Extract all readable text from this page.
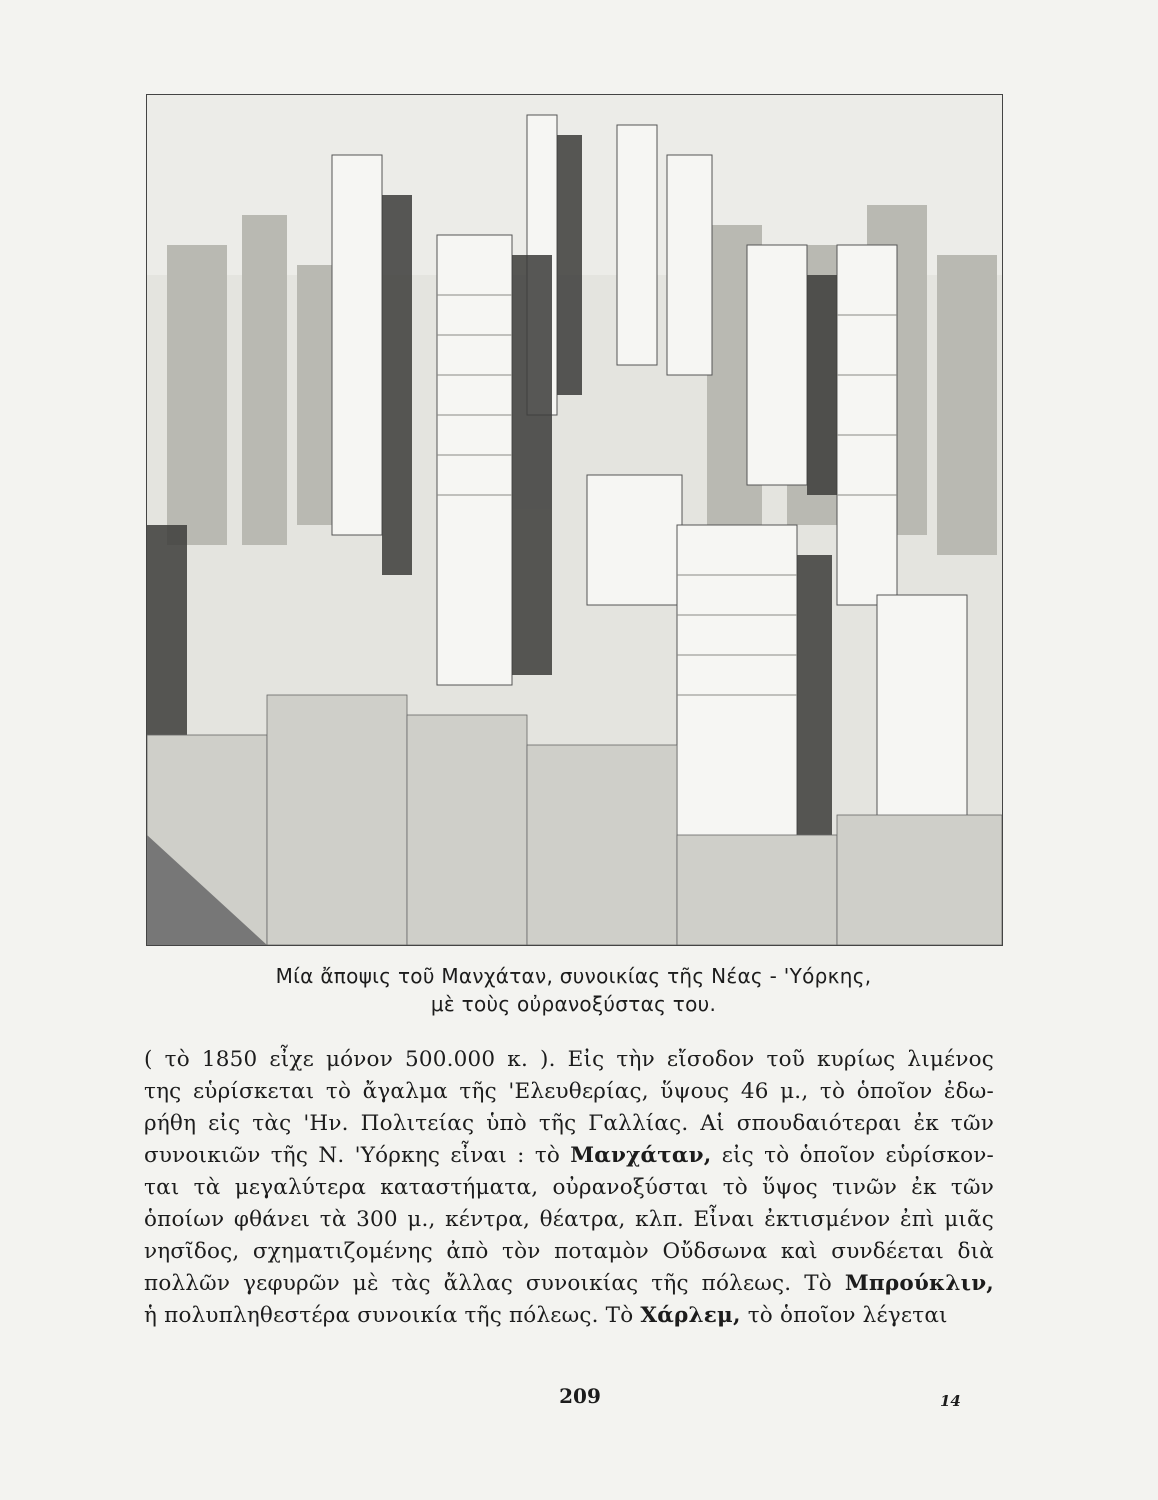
Μία ἄποψις τοῦ Μανχάταν, συνοικίας τῆς Νέας - 'Υόρκης,
μὲ τοὺς οὐρανοξύστας του.
( τὸ 1850 εἶχε μόνον 500.000 κ. ). Εἰς τὴν εἴσοδον τοῦ κυρίως λιμένος
της εὑρίσκεται τὸ ἄγαλμα τῆς 'Ελευθερίας, ὕψους 46 μ., τὸ ὁποῖον ἐδω-
ρήθη εἰς τὰς 'Ην. Πολιτείας ὑπὸ τῆς Γαλλίας. Αἱ σπουδαιότεραι ἐκ τῶν
συνοικιῶν τῆς Ν. 'Υόρκης εἶναι : τὸ Μανχάταν, εἰς τὸ ὁποῖον εὑρίσκον-
ται τὰ μεγαλύτερα καταστήματα, οὐρανοξύσται τὸ ὕψος τινῶν ἐκ τῶν
ὁποίων φθάνει τὰ 300 μ., κέντρα, θέατρα, κλπ. Εἶναι ἐκτισμένον ἐπὶ μιᾶς
νησῖδος, σχηματιζομένης ἀπὸ τὸν ποταμὸν Οὔδσωνα καὶ συνδέεται διὰ
πολλῶν γεφυρῶν μὲ τὰς ἄλλας συνοικίας τῆς πόλεως. Τὸ Μπρούκλιν,
ἡ πολυπληθεστέρα συνοικία τῆς πόλεως. Τὸ Χάρλεμ, τὸ ὁποῖον λέγεται
209	14
